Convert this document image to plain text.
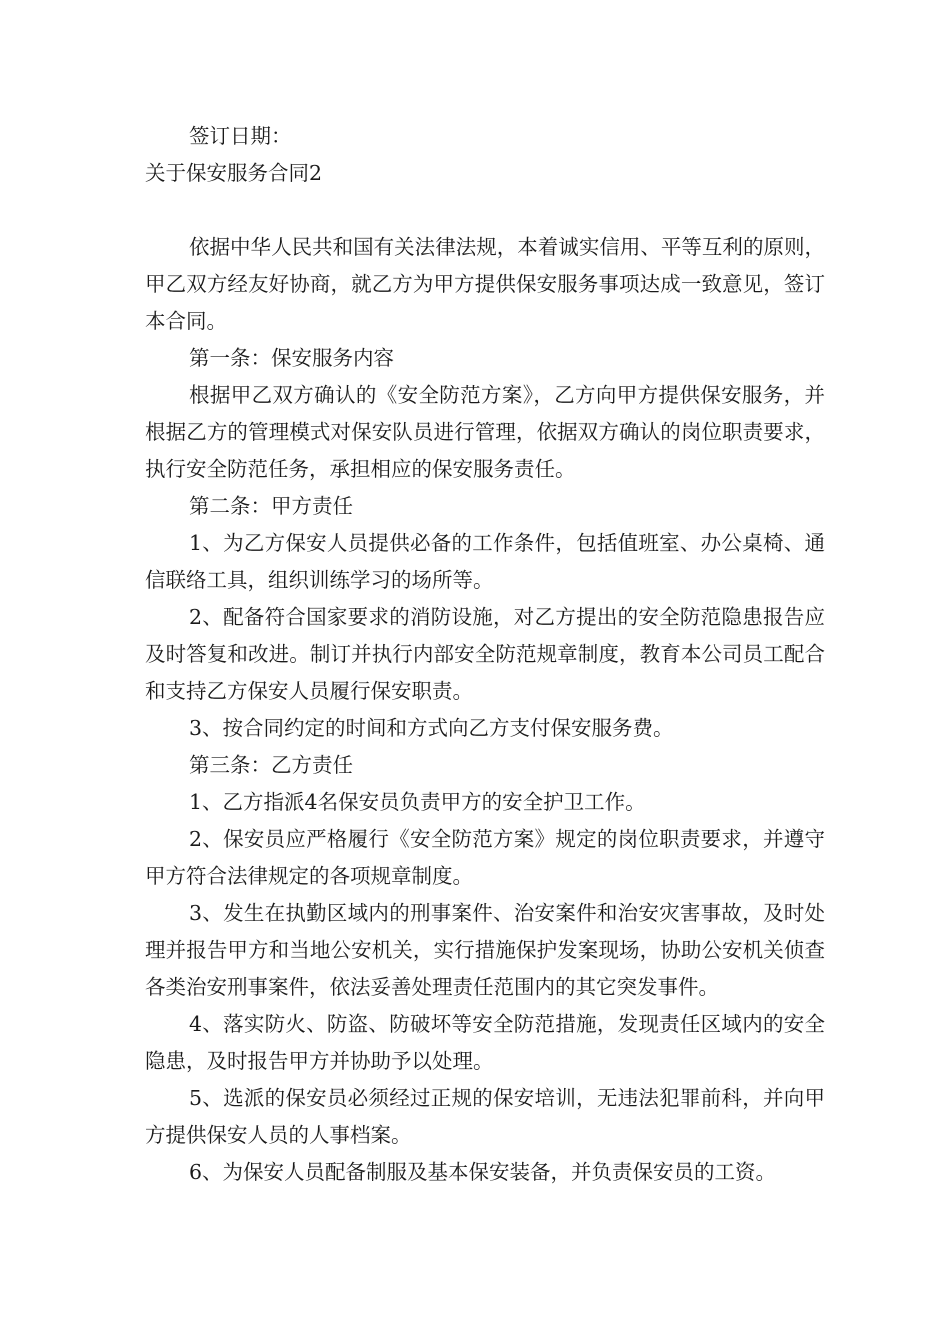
签订日期：

关于保安服务合同2

依据中华人民共和国有关法律法规，本着诚实信用、平等互利的原则，甲乙双方经友好协商，就乙方为甲方提供保安服务事项达成一致意见，签订本合同。

第一条：保安服务内容

根据甲乙双方确认的《安全防范方案》，乙方向甲方提供保安服务，并根据乙方的管理模式对保安队员进行管理，依据双方确认的岗位职责要求，执行安全防范任务，承担相应的保安服务责任。

第二条：甲方责任

1、为乙方保安人员提供必备的工作条件，包括值班室、办公桌椅、通信联络工具，组织训练学习的场所等。

2、配备符合国家要求的消防设施，对乙方提出的安全防范隐患报告应及时答复和改进。制订并执行内部安全防范规章制度，教育本公司员工配合和支持乙方保安人员履行保安职责。

3、按合同约定的时间和方式向乙方支付保安服务费。

第三条：乙方责任

1、乙方指派4名保安员负责甲方的安全护卫工作。

2、保安员应严格履行《安全防范方案》规定的岗位职责要求，并遵守甲方符合法律规定的各项规章制度。

3、发生在执勤区域内的刑事案件、治安案件和治安灾害事故，及时处理并报告甲方和当地公安机关，实行措施保护发案现场，协助公安机关侦查各类治安刑事案件，依法妥善处理责任范围内的其它突发事件。

4、落实防火、防盗、防破坏等安全防范措施，发现责任区域内的安全隐患，及时报告甲方并协助予以处理。

5、选派的保安员必须经过正规的保安培训，无违法犯罪前科，并向甲方提供保安人员的人事档案。

6、为保安人员配备制服及基本保安装备，并负责保安员的工资。
